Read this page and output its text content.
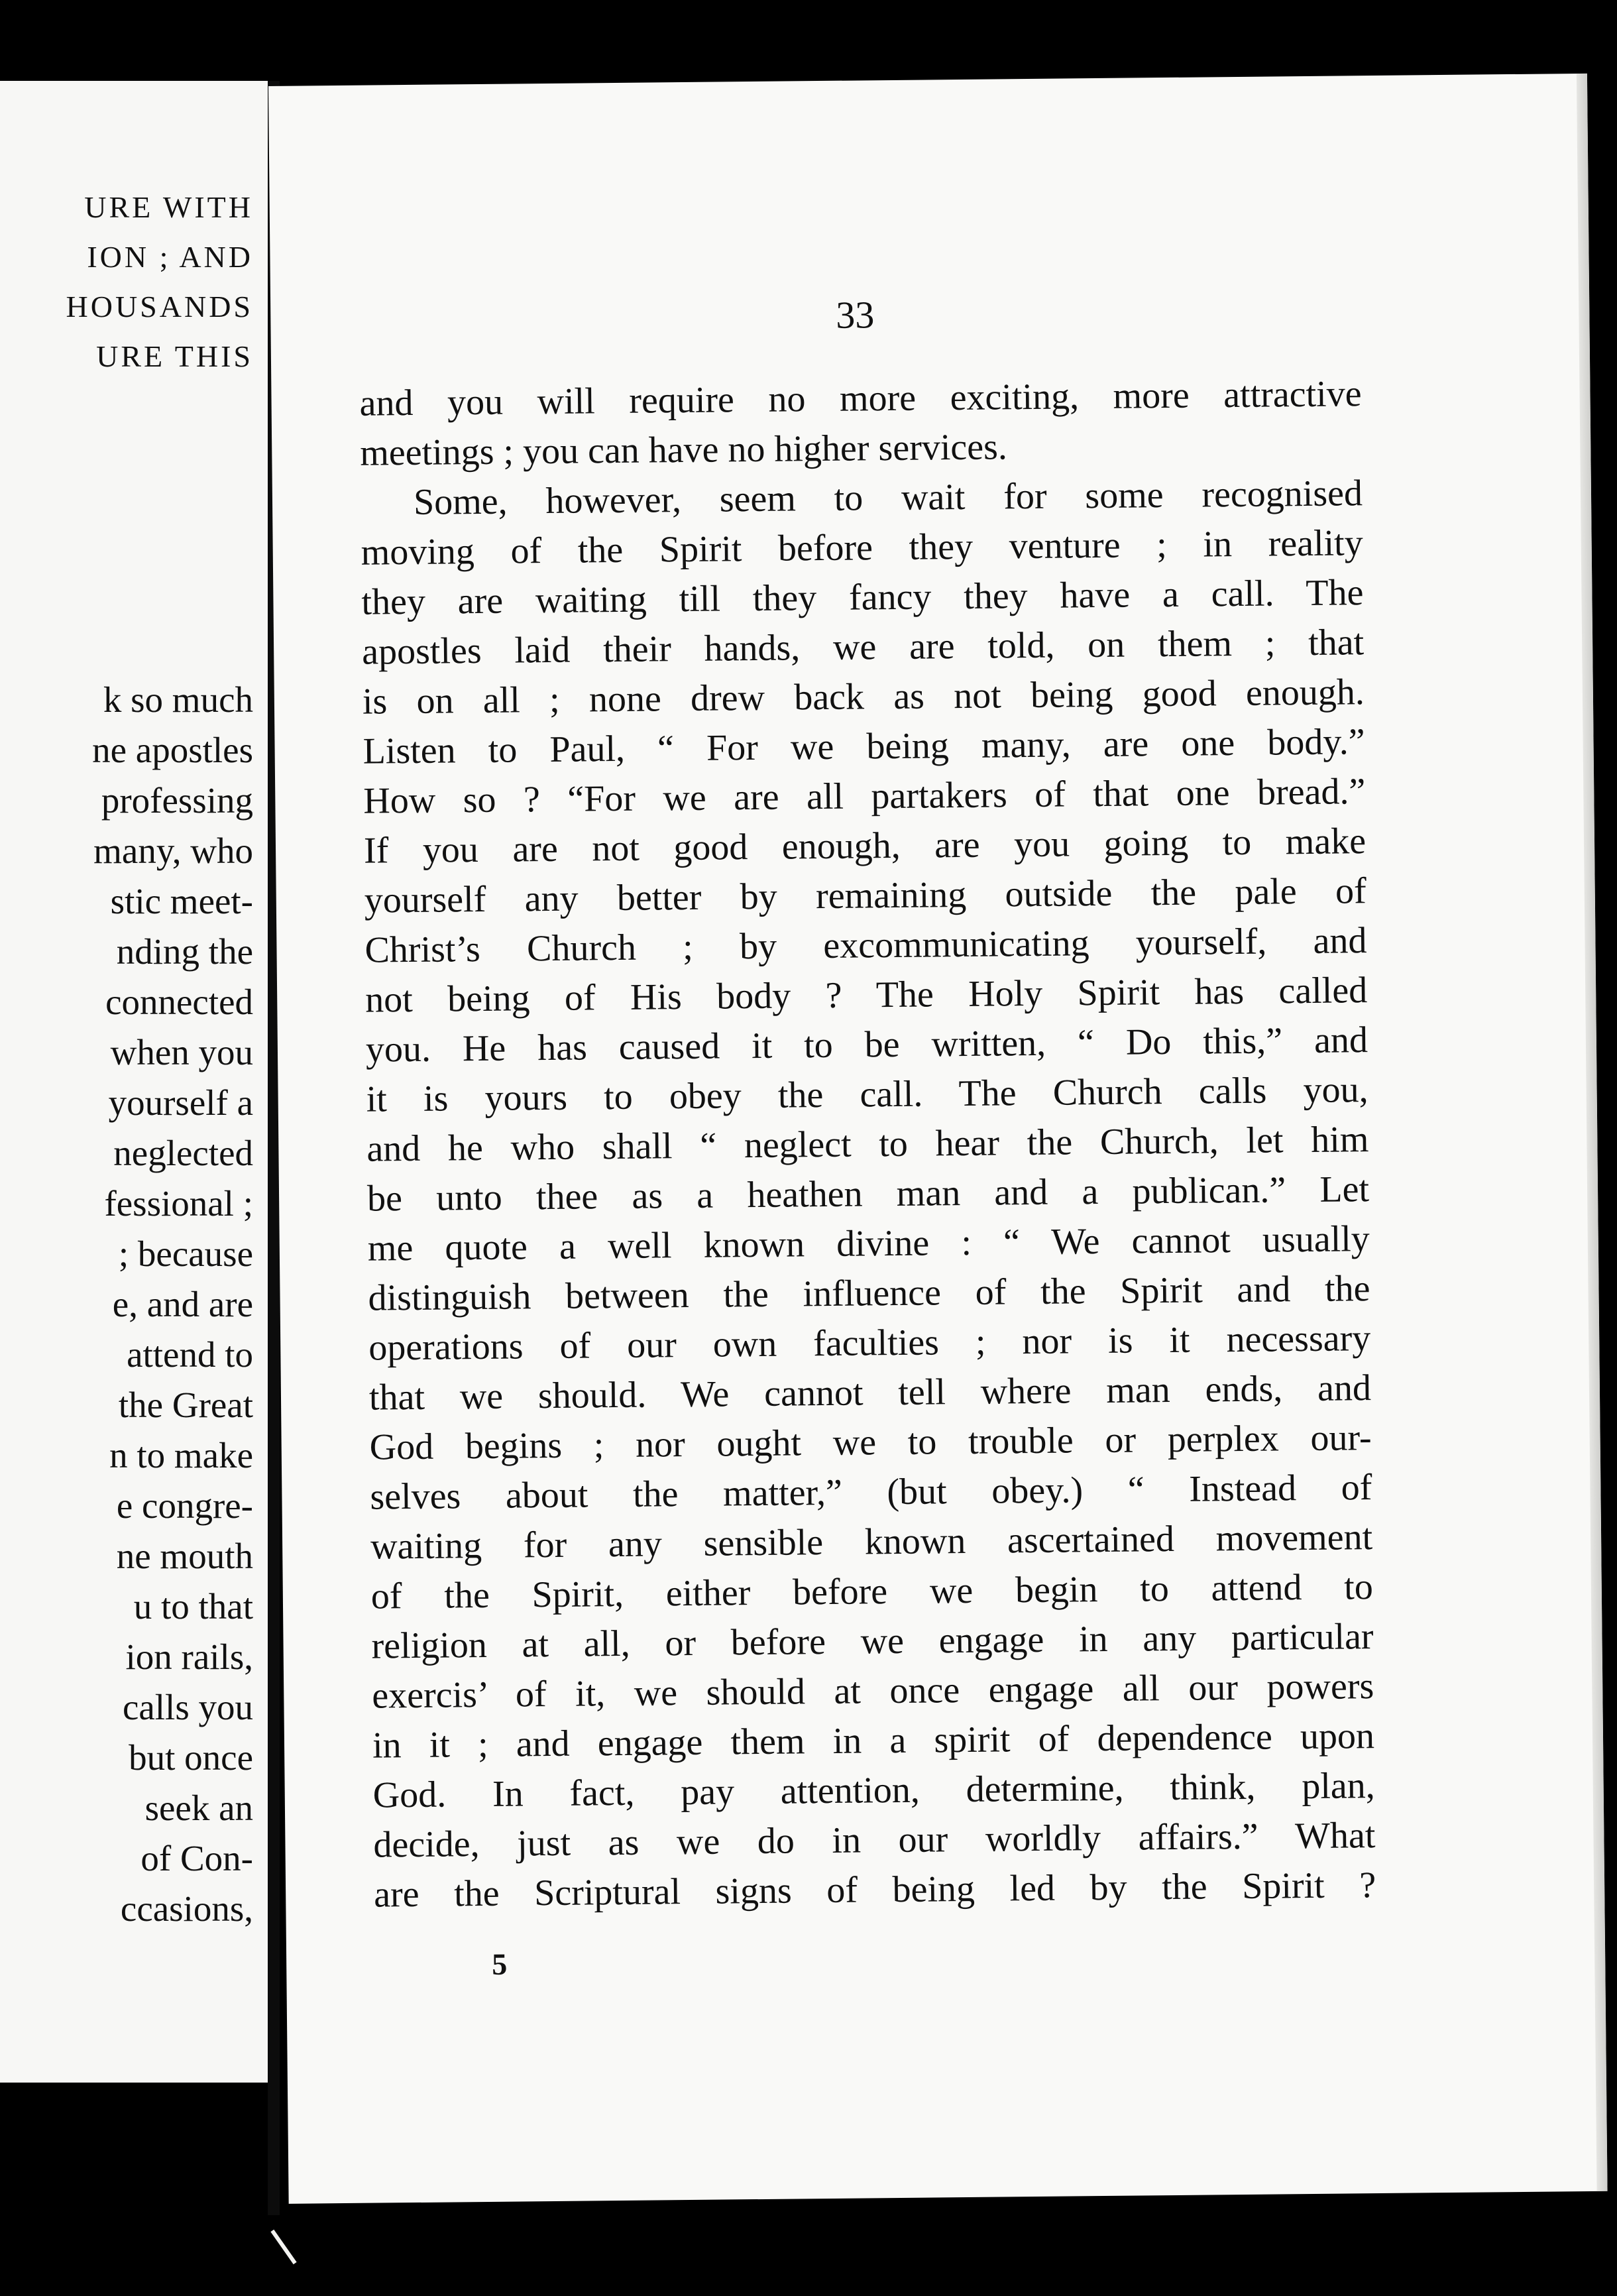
URE WITH
ION ; AND
HOUSANDS
URE THIS
k so much
ne apostles
professing
many, who
stic meet-
nding the
connected
when you
yourself a
neglected
fessional ;
; because
e, and are
attend to
the Great
n to make
e congre-
ne mouth
u to that
ion rails,
calls you
but once
seek an
of Con-
ccasions,
33
and you will require no more exciting, more attractive
meetings ; you can have no higher services.
Some, however, seem to wait for some recognised
moving of the Spirit before they venture ; in reality
they are waiting till they fancy they have a call. The
apostles laid their hands, we are told, on them ; that
is on all ; none drew back as not being good enough.
Listen to Paul, “ For we being many, are one body.”
How so ? “For we are all partakers of that one bread.”
If you are not good enough, are you going to make
yourself any better by remaining outside the pale of
Christ’s Church ; by excommunicating yourself, and
not being of His body ? The Holy Spirit has called
you. He has caused it to be written, “ Do this,” and
it is yours to obey the call. The Church calls you,
and he who shall “ neglect to hear the Church, let him
be unto thee as a heathen man and a publican.” Let
me quote a well known divine : “ We cannot usually
distinguish between the influence of the Spirit and the
operations of our own faculties ; nor is it necessary
that we should. We cannot tell where man ends, and
God begins ; nor ought we to trouble or perplex our-
selves about the matter,” (but obey.) “ Instead of
waiting for any sensible known ascertained movement
of the Spirit, either before we begin to attend to
religion at all, or before we engage in any particular
exercis’ of it, we should at once engage all our powers
in it ; and engage them in a spirit of dependence upon
God. In fact, pay attention, determine, think, plan,
decide, just as we do in our worldly affairs.” What
are the Scriptural signs of being led by the Spirit ?
5
